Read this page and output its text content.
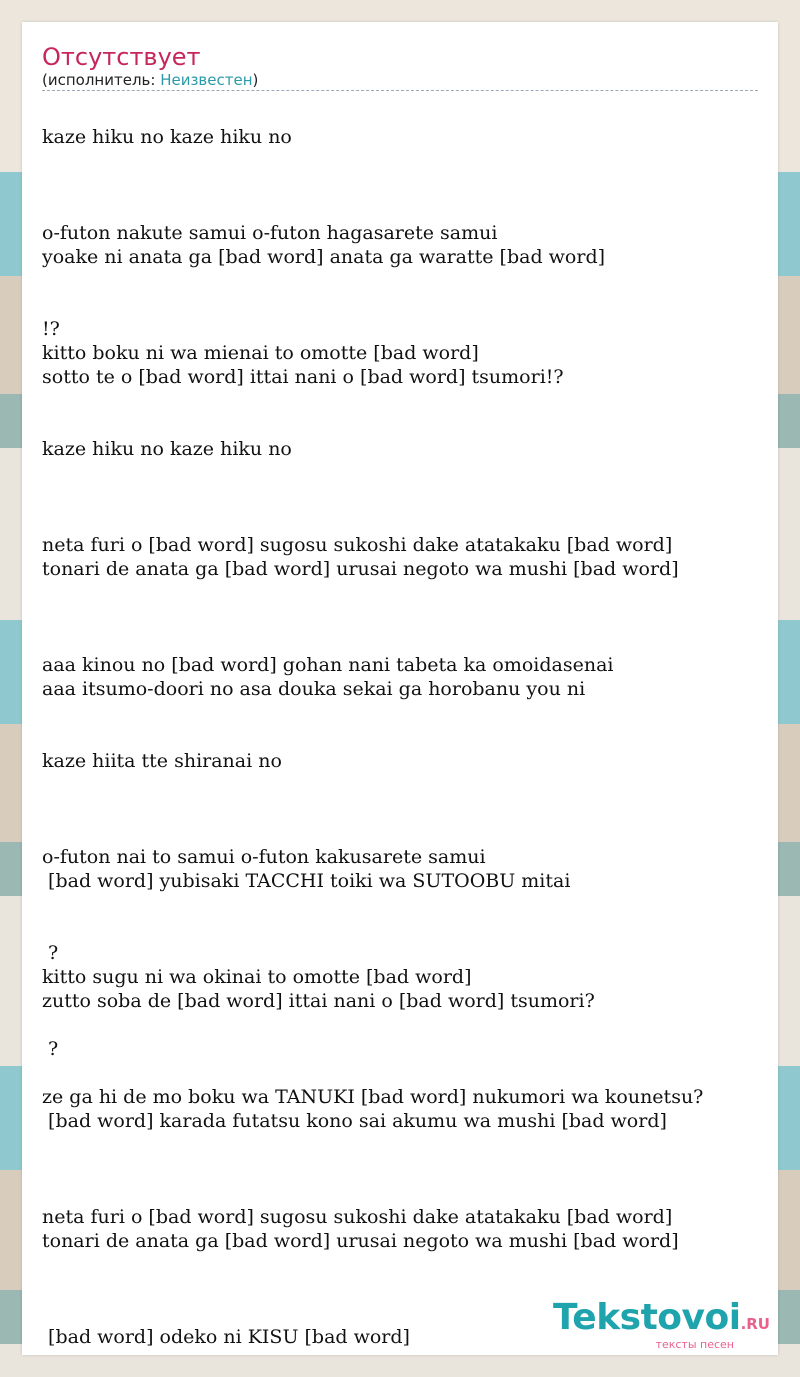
Отсутствует
(исполнитель: Неизвестен)
kaze hiku no kaze hiku no
o-futon nakute samui o-futon hagasarete samui
yoake ni anata ga [bad word] anata ga waratte [bad word]
!?
kitto boku ni wa mienai to omotte [bad word]
sotto te o [bad word] ittai nani o [bad word] tsumori!?
kaze hiku no kaze hiku no
neta furi o [bad word] sugosu sukoshi dake atatakaku [bad word]
tonari de anata ga [bad word] urusai negoto wa mushi [bad word]
aaa kinou no [bad word] gohan nani tabeta ka omoidasenai
aaa itsumo-doori no asa douka sekai ga horobanu you ni
kaze hiita tte shiranai no
o-futon nai to samui o-futon kakusarete samui
[bad word] yubisaki TACCHI toiki wa SUTOOBU mitai
?
kitto sugu ni wa okinai to omotte [bad word]
zutto soba de [bad word] ittai nani o [bad word] tsumori?
?
ze ga hi de mo boku wa TANUKI [bad word] nukumori wa kounetsu?
[bad word] karada futatsu kono sai akumu wa mushi [bad word]
neta furi o [bad word] sugosu sukoshi dake atatakaku [bad word]
tonari de anata ga [bad word] urusai negoto wa mushi [bad word]
[bad word] odeko ni KISU [bad word]	Tekstovoi.RU
тексты песен
